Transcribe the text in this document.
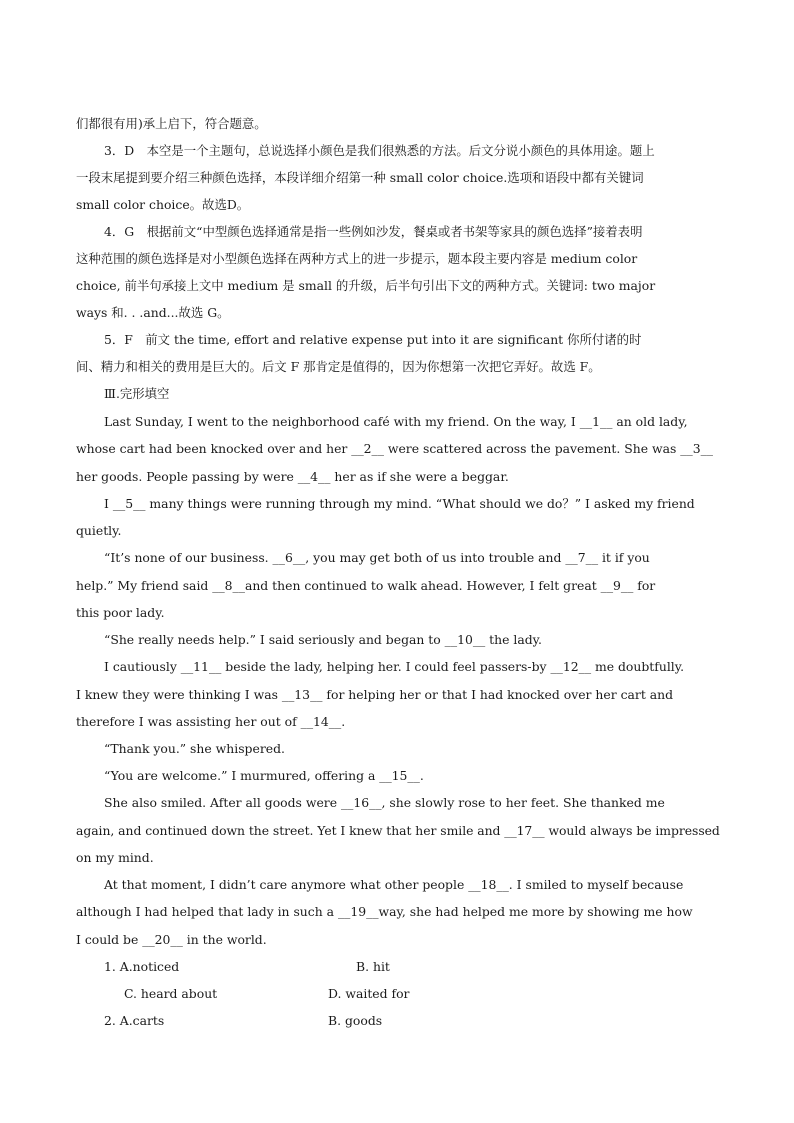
们都很有用)承上启下，符合题意。
3．D　本空是一个主题句，总说选择小颜色是我们很熟悉的方法。后文分说小颜色的具体用途。题上
一段末尾提到要介绍三种颜色选择，本段详细介绍第一种 small color choice.选项和语段中都有关键词
small color choice。故选D。
4．G　根据前文“中型颜色选择通常是指一些例如沙发，餐桌或者书架等家具的颜色选择”接着表明
这种范围的颜色选择是对小型颜色选择在两种方式上的进一步提示，题本段主要内容是 medium color
choice, 前半句承接上文中 medium 是 small 的升级，后半句引出下文的两种方式。关键词: two major
ways 和. . .and...故选 G。
5．F　前文 the time, effort and relative expense put into it are significant 你所付诸的时
间、精力和相关的费用是巨大的。后文 F 那肯定是值得的，因为你想第一次把它弄好。故选 F。
Ⅲ.完形填空
Last Sunday, I went to the neighborhood café with my friend. On the way, I __1__ an old lady,
whose cart had been knocked over and her __2__ were scattered across the pavement. She was __3__
her goods. People passing by were __4__ her as if she were a beggar.
I __5__ many things were running through my mind. “What should we do？” I asked my friend
quietly.
“It’s none of our business. __6__, you may get both of us into trouble and __7__ it if you
help.” My friend said __8__and then continued to walk ahead. However, I felt great __9__ for
this poor lady.
“She really needs help.” I said seriously and began to __10__ the lady.
I cautiously __11__ beside the lady, helping her. I could feel passers-by __12__ me doubtfully.
I knew they were thinking I was __13__ for helping her or that I had knocked over her cart and
therefore I was assisting her out of __14__.
“Thank you.” she whispered.
“You are welcome.” I murmured, offering a __15__.
She also smiled. After all goods were __16__, she slowly rose to her feet. She thanked me
again, and continued down the street. Yet I knew that her smile and __17__ would always be impressed
on my mind.
At that moment, I didn’t care anymore what other people __18__. I smiled to myself because
although I had helped that lady in such a __19__way, she had helped me more by showing me how
I could be __20__ in the world.
1. A.noticed	B. hit
C. heard about	D. waited for
2. A.carts	B. goods
